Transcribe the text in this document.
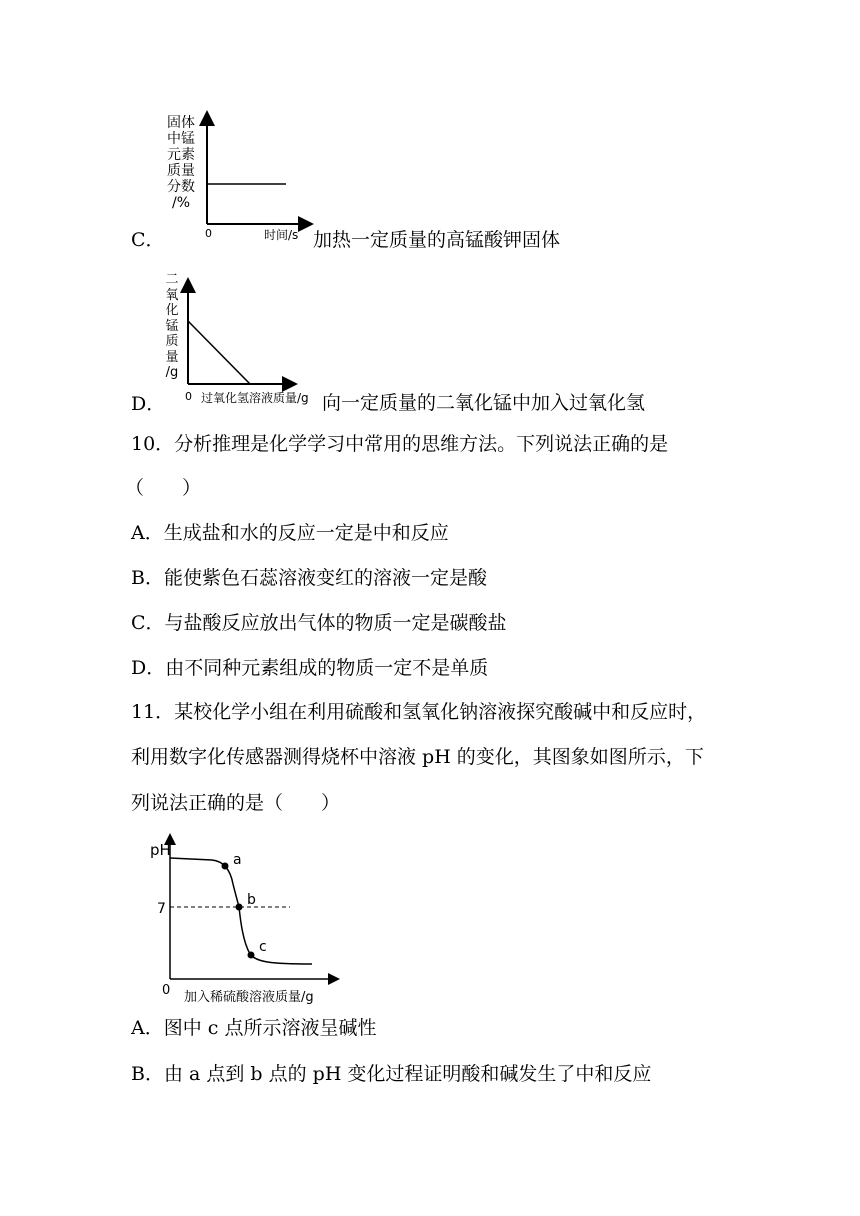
固体
中锰
元素
质量
分数
/%
C．	0	时间/s 加热一定质量的高锰酸钾固体
二
氧
化
锰
质
量
/g
D． 0 过氧化氢溶液质量/g 向一定质量的二氧化锰中加入过氧化氢
10．分析推理是化学学习中常用的思维方法。下列说法正确的是
（　　）
A．生成盐和水的反应一定是中和反应
B．能使紫色石蕊溶液变红的溶液一定是酸
C．与盐酸反应放出气体的物质一定是碳酸盐
D．由不同种元素组成的物质一定不是单质
11．某校化学小组在利用硫酸和氢氧化钠溶液探究酸碱中和反应时，
利用数字化传感器测得烧杯中溶液 pH 的变化，其图象如图所示，下
列说法正确的是（　　）
pH
7
0 加入稀硫酸溶液质量/g
a
b
c
A．图中 c 点所示溶液呈碱性
B．由 a 点到 b 点的 pH 变化过程证明酸和碱发生了中和反应
